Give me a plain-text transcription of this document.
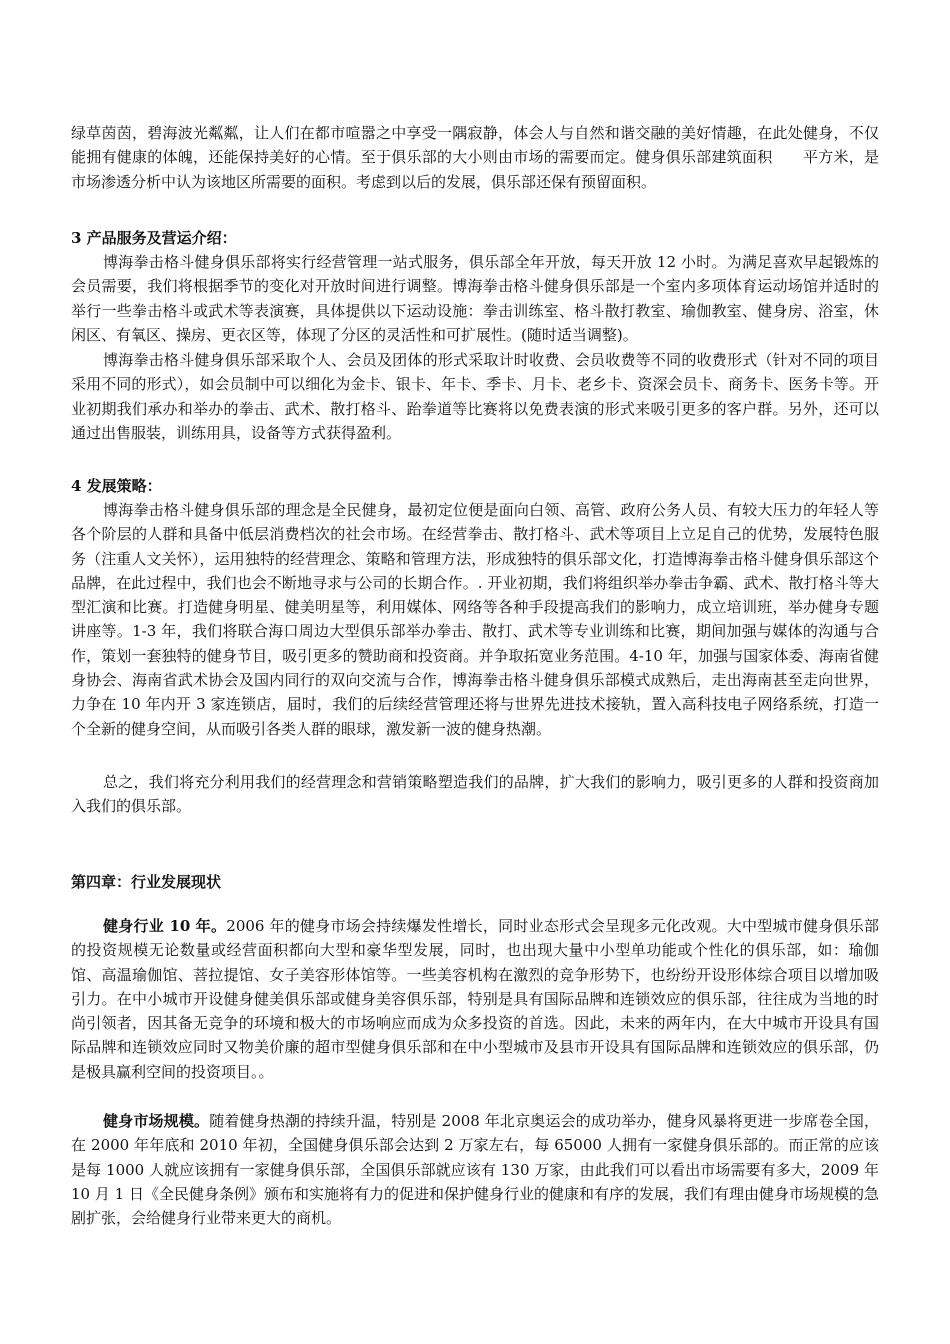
绿草茵茵，碧海波光粼粼，让人们在都市喧嚣之中享受一隅寂静，体会人与自然和谐交融的美好情趣，在此处健身，不仅能拥有健康的体魄，还能保持美好的心情。至于俱乐部的大小则由市场的需要而定。健身俱乐部建筑面积　　平方米，是市场渗透分析中认为该地区所需要的面积。考虑到以后的发展，俱乐部还保有预留面积。

3 产品服务及营运介绍：

博海拳击格斗健身俱乐部将实行经营管理一站式服务，俱乐部全年开放，每天开放 12 小时。为满足喜欢早起锻炼的会员需要，我们将根据季节的变化对开放时间进行调整。博海拳击格斗健身俱乐部是一个室内多项体育运动场馆并适时的举行一些拳击格斗或武术等表演赛，具体提供以下运动设施：拳击训练室、格斗散打教室、瑜伽教室、健身房、浴室，休闲区、有氧区、操房、更衣区等，体现了分区的灵活性和可扩展性。(随时适当调整)。

博海拳击格斗健身俱乐部采取个人、会员及团体的形式采取计时收费、会员收费等不同的收费形式（针对不同的项目采用不同的形式），如会员制中可以细化为金卡、银卡、年卡、季卡、月卡、老乡卡、资深会员卡、商务卡、医务卡等。开业初期我们承办和举办的拳击、武术、散打格斗、跆拳道等比赛将以免费表演的形式来吸引更多的客户群。另外，还可以通过出售服装，训练用具，设备等方式获得盈利。

4 发展策略：

博海拳击格斗健身俱乐部的理念是全民健身，最初定位便是面向白领、高管、政府公务人员、有较大压力的年轻人等各个阶层的人群和具备中低层消费档次的社会市场。在经营拳击、散打格斗、武术等项目上立足自己的优势，发展特色服务（注重人文关怀），运用独特的经营理念、策略和管理方法，形成独特的俱乐部文化，打造博海拳击格斗健身俱乐部这个品牌，在此过程中，我们也会不断地寻求与公司的长期合作。. 开业初期，我们将组织举办拳击争霸、武术、散打格斗等大型汇演和比赛。打造健身明星、健美明星等，利用媒体、网络等各种手段提高我们的影响力，成立培训班，举办健身专题讲座等。1-3 年，我们将联合海口周边大型俱乐部举办拳击、散打、武术等专业训练和比赛，期间加强与媒体的沟通与合作，策划一套独特的健身节目，吸引更多的赞助商和投资商。并争取拓宽业务范围。4-10 年，加强与国家体委、海南省健身协会、海南省武术协会及国内同行的双向交流与合作，博海拳击格斗健身俱乐部模式成熟后，走出海南甚至走向世界，力争在 10 年内开 3 家连锁店，届时，我们的后续经营管理还将与世界先进技术接轨，置入高科技电子网络系统，打造一个全新的健身空间，从而吸引各类人群的眼球，激发新一波的健身热潮。

总之，我们将充分利用我们的经营理念和营销策略塑造我们的品牌，扩大我们的影响力，吸引更多的人群和投资商加入我们的俱乐部。

第四章：行业发展现状

健身行业 10 年。2006 年的健身市场会持续爆发性增长，同时业态形式会呈现多元化改观。大中型城市健身俱乐部的投资规模无论数量或经营面积都向大型和豪华型发展，同时，也出现大量中小型单功能或个性化的俱乐部，如：瑜伽馆、高温瑜伽馆、菩拉提馆、女子美容形体馆等。一些美容机构在激烈的竞争形势下，也纷纷开设形体综合项目以增加吸引力。在中小城市开设健身健美俱乐部或健身美容俱乐部，特别是具有国际品牌和连锁效应的俱乐部，往往成为当地的时尚引领者，因其备无竞争的环境和极大的市场响应而成为众多投资的首选。因此，未来的两年内，在大中城市开设具有国际品牌和连锁效应同时又物美价廉的超市型健身俱乐部和在中小型城市及县市开设具有国际品牌和连锁效应的俱乐部，仍是极具赢利空间的投资项目。。

健身市场规模。随着健身热潮的持续升温，特别是 2008 年北京奥运会的成功举办，健身风暴将更进一步席卷全国，在 2000 年年底和 2010 年初，全国健身俱乐部会达到 2 万家左右，每 65000 人拥有一家健身俱乐部的。而正常的应该是每 1000 人就应该拥有一家健身俱乐部，全国俱乐部就应该有 130 万家，由此我们可以看出市场需要有多大，2009 年 10 月 1 日《全民健身条例》颁布和实施将有力的促进和保护健身行业的健康和有序的发展，我们有理由健身市场规模的急剧扩张，会给健身行业带来更大的商机。
